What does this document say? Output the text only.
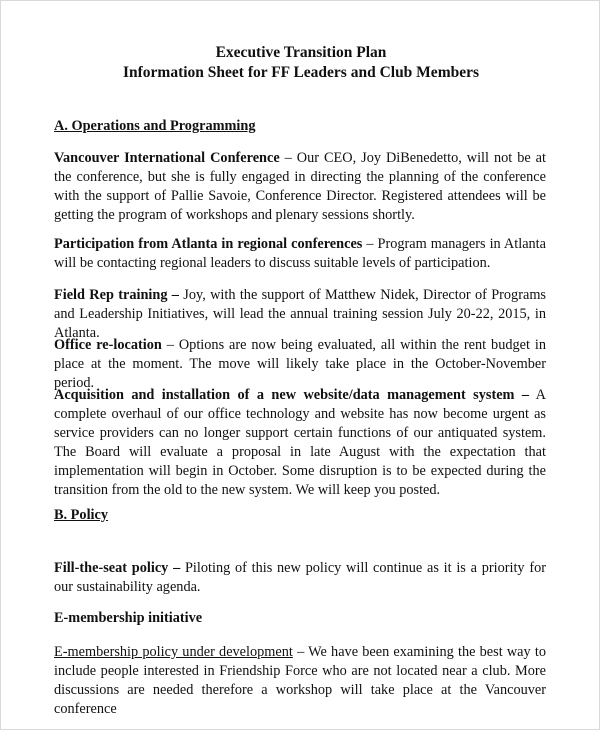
Executive Transition Plan
Information Sheet for FF Leaders and Club Members
A. Operations and Programming

Vancouver International Conference – Our CEO, Joy DiBenedetto, will not be at the conference, but she is fully engaged in directing the planning of the conference with the support of Pallie Savoie, Conference Director. Registered attendees will be getting the program of workshops and plenary sessions shortly.

Participation from Atlanta in regional conferences – Program managers in Atlanta will be contacting regional leaders to discuss suitable levels of participation.

Field Rep training – Joy, with the support of Matthew Nidek, Director of Programs and Leadership Initiatives, will lead the annual training session July 20-22, 2015, in Atlanta.

Office re-location – Options are now being evaluated, all within the rent budget in place at the moment. The move will likely take place in the October-November period.

Acquisition and installation of a new website/data management system – A complete overhaul of our office technology and website has now become urgent as service providers can no longer support certain functions of our antiquated system. The Board will evaluate a proposal in late August with the expectation that implementation will begin in October. Some disruption is to be expected during the transition from the old to the new system. We will keep you posted.

B. Policy

Fill-the-seat policy – Piloting of this new policy will continue as it is a priority for our sustainability agenda.

E-membership initiative

E-membership policy under development – We have been examining the best way to include people interested in Friendship Force who are not located near a club. More discussions are needed therefore a workshop will take place at the Vancouver conference
